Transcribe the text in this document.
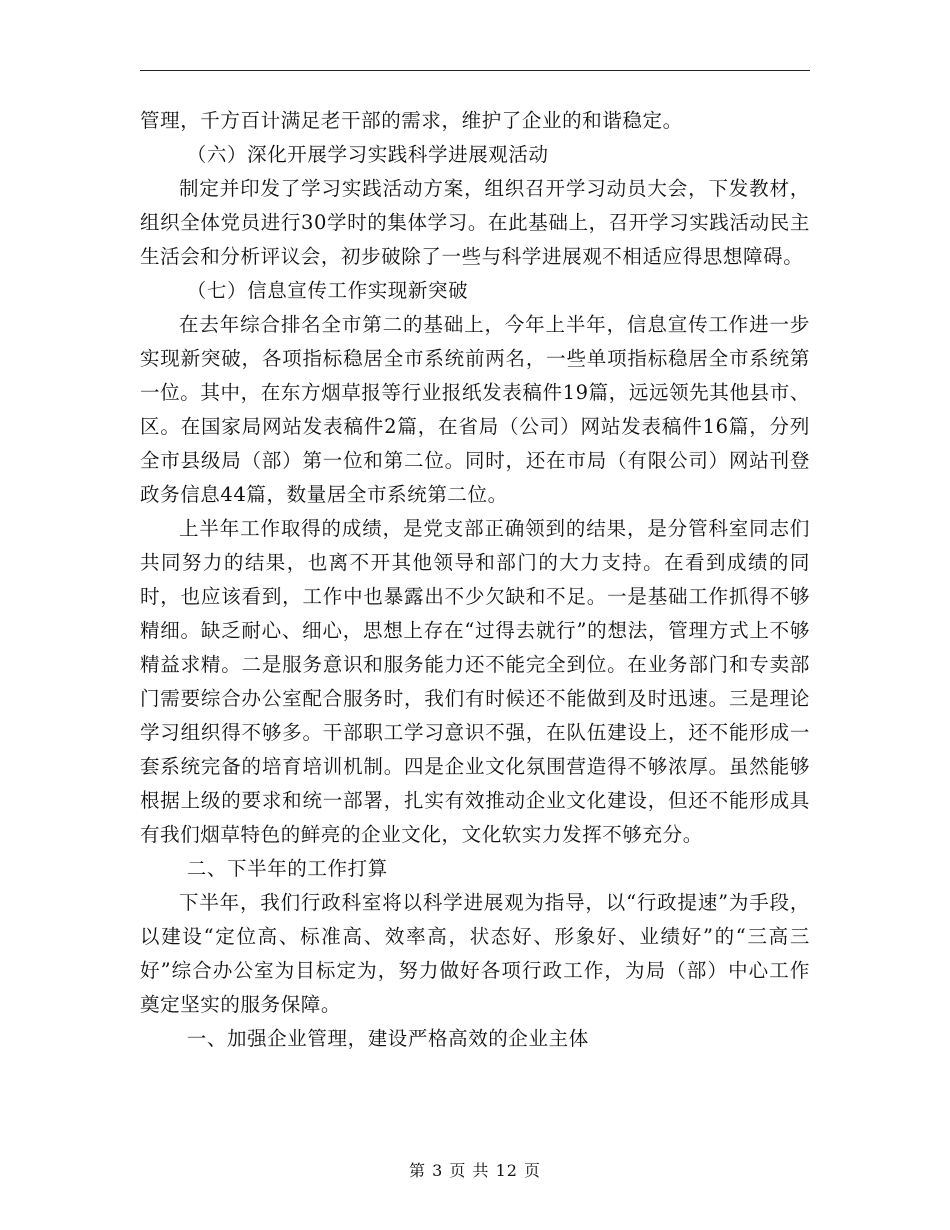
管理，千方百计满足老干部的需求，维护了企业的和谐稳定。

（六）深化开展学习实践科学进展观活动

制定并印发了学习实践活动方案，组织召开学习动员大会，下发教材，组织全体党员进行30学时的集体学习。在此基础上，召开学习实践活动民主生活会和分析评议会，初步破除了一些与科学进展观不相适应得思想障碍。

（七）信息宣传工作实现新突破

在去年综合排名全市第二的基础上，今年上半年，信息宣传工作进一步实现新突破，各项指标稳居全市系统前两名，一些单项指标稳居全市系统第一位。其中，在东方烟草报等行业报纸发表稿件19篇，远远领先其他县市、区。在国家局网站发表稿件2篇，在省局（公司）网站发表稿件16篇，分列全市县级局（部）第一位和第二位。同时，还在市局（有限公司）网站刊登政务信息44篇，数量居全市系统第二位。

上半年工作取得的成绩，是党支部正确领到的结果，是分管科室同志们共同努力的结果，也离不开其他领导和部门的大力支持。在看到成绩的同时，也应该看到，工作中也暴露出不少欠缺和不足。一是基础工作抓得不够精细。缺乏耐心、细心，思想上存在“过得去就行”的想法，管理方式上不够精益求精。二是服务意识和服务能力还不能完全到位。在业务部门和专卖部门需要综合办公室配合服务时，我们有时候还不能做到及时迅速。三是理论学习组织得不够多。干部职工学习意识不强，在队伍建设上，还不能形成一套系统完备的培育培训机制。四是企业文化氛围营造得不够浓厚。虽然能够根据上级的要求和统一部署，扎实有效推动企业文化建设，但还不能形成具有我们烟草特色的鲜亮的企业文化，文化软实力发挥不够充分。

二、下半年的工作打算

下半年，我们行政科室将以科学进展观为指导，以“行政提速”为手段，以建设“定位高、标准高、效率高，状态好、形象好、业绩好”的“三高三好”综合办公室为目标定为，努力做好各项行政工作，为局（部）中心工作奠定坚实的服务保障。

一、加强企业管理，建设严格高效的企业主体

第 3 页 共 12 页
